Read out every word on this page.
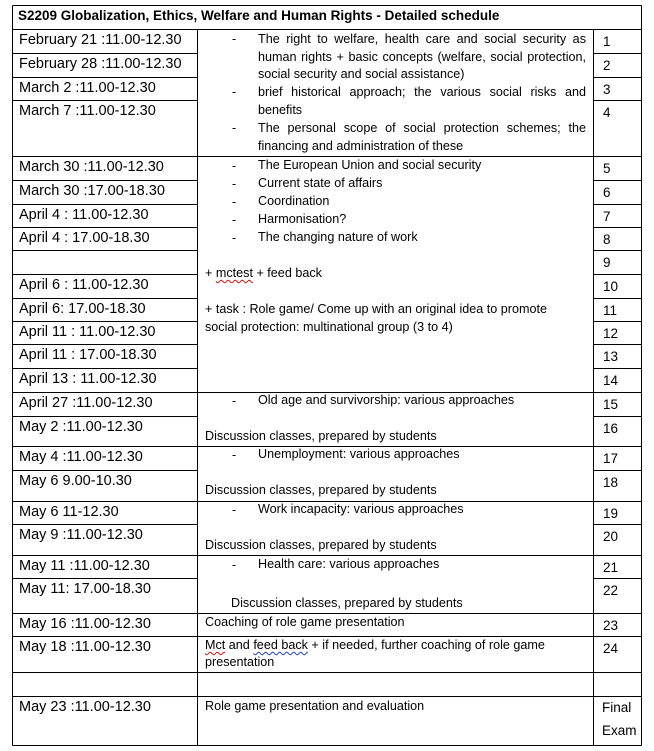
S2209 Globalization, Ethics, Welfare and Human Rights - Detailed schedule
February 21 :11.00-12.30
February 28 :11.00-12.30
March 2 :11.00-12.30
March 7 :11.00-12.30
March 30 :11.00-12.30
March 30 :17.00-18.30
April 4 : 11.00-12.30
April 4 : 17.00-18.30
April 6 : 11.00-12.30
April 6: 17.00-18.30
April 11 : 11.00-12.30
April 11 : 17.00-18.30
April 13 : 11.00-12.30
April 27 :11.00-12.30
May 2 :11.00-12.30
May 4 :11.00-12.30
May 6 9.00-10.30
May 6 11-12.30
May 9 :11.00-12.30
May 11 :11.00-12.30
May 11: 17.00-18.30
May 16 :11.00-12.30
May 18 :11.00-12.30
May 23 :11.00-12.30
1
2
3
4
5
6
7
8
9
10
11
12
13
14
15
16
17
18
19
20
21
22
23
24
- The right to welfare, health care and social security as human rights + basic concepts (welfare, social protection, social security and social assistance)
- brief historical approach; the various social risks and benefits
- The personal scope of social protection schemes; the financing and administration of these
- The European Union and social security
- Current state of affairs
- Coordination
- Harmonisation?
- The changing nature of work
+ mctest + feed back
+ task : Role game/ Come up with an original idea to promote
social protection: multinational group (3 to 4)
- Old age and survivorship: various approaches
Discussion classes, prepared by students
- Unemployment: various approaches
Discussion classes, prepared by students
- Work incapacity: various approaches
Discussion classes, prepared by students
- Health care: various approaches
Discussion classes, prepared by students
Coaching of role game presentation
Mct and feed back + if needed, further coaching of role game
presentation
Role game presentation and evaluation	Final
Exam
